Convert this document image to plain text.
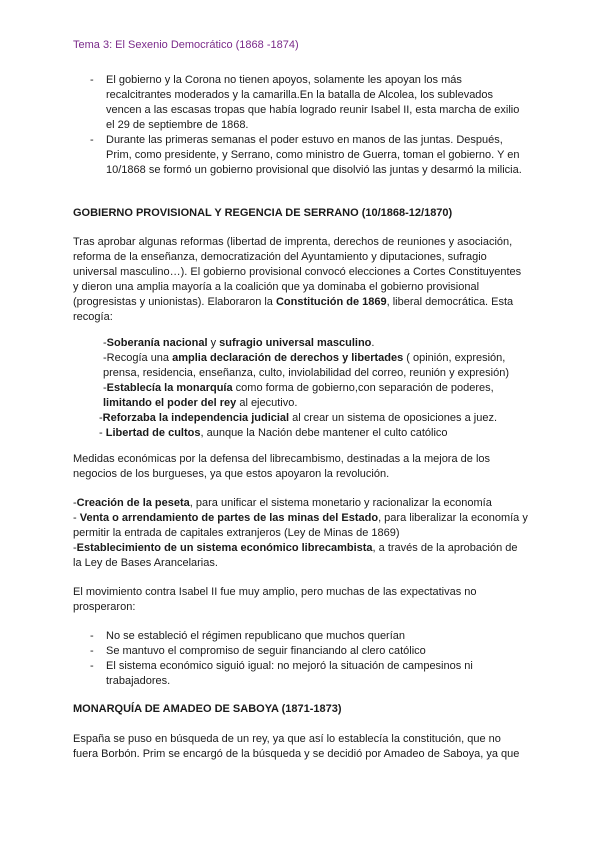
Tema 3: El Sexenio Democrático (1868 -1874)
- El gobierno y la Corona no tienen apoyos, solamente les apoyan los más recalcitrantes moderados y la camarilla.En la batalla de Alcolea, los sublevados vencen a las escasas tropas que había logrado reunir Isabel II, esta marcha de exilio el 29 de septiembre de 1868.
- Durante las primeras semanas el poder estuvo en manos de las juntas. Después, Prim, como presidente, y Serrano, como ministro de Guerra, toman el gobierno. Y en 10/1868 se formó un gobierno provisional que disolvió las juntas y desarmó la milicia.
GOBIERNO PROVISIONAL Y REGENCIA DE SERRANO (10/1868-12/1870)

Tras aprobar algunas reformas (libertad de imprenta, derechos de reuniones y asociación, reforma de la enseñanza, democratización del Ayuntamiento y diputaciones, sufragio universal masculino…). El gobierno provisional convocó elecciones a Cortes Constituyentes y dieron una amplia mayoría a la coalición que ya dominaba el gobierno provisional (progresistas y unionistas). Elaboraron la Constitución de 1869, liberal democrática. Esta recogía:

-Soberanía nacional y sufragio universal masculino.

-Recogía una amplia declaración de derechos y libertades ( opinión, expresión, prensa, residencia, enseñanza, culto, inviolabilidad del correo, reunión y expresión)

-Establecía la monarquía como forma de gobierno,con separación de poderes, limitando el poder del rey al ejecutivo.

-Reforzaba la independencia judicial al crear un sistema de oposiciones a juez.

- Libertad de cultos, aunque la Nación debe mantener el culto católico

Medidas económicas por la defensa del librecambismo, destinadas a la mejora de los negocios de los burgueses, ya que estos apoyaron la revolución.

-Creación de la peseta, para unificar el sistema monetario y racionalizar la economía

- Venta o arrendamiento de partes de las minas del Estado, para liberalizar la economía y permitir la entrada de capitales extranjeros (Ley de Minas de 1869)

-Establecimiento de un sistema económico librecambista, a través de la aprobación de la Ley de Bases Arancelarias.

El movimiento contra Isabel II fue muy amplio, pero muchas de las expectativas no prosperaron:
- No se estableció el régimen republicano que muchos querían
- Se mantuvo el compromiso de seguir financiando al clero católico
- El sistema económico siguió igual: no mejoró la situación de campesinos ni trabajadores.
MONARQUÍA DE AMADEO DE SABOYA (1871-1873)
España se puso en búsqueda de un rey, ya que así lo establecía la constitución, que no fuera Borbón. Prim se encargó de la búsqueda y se decidió por Amadeo de Saboya, ya que
